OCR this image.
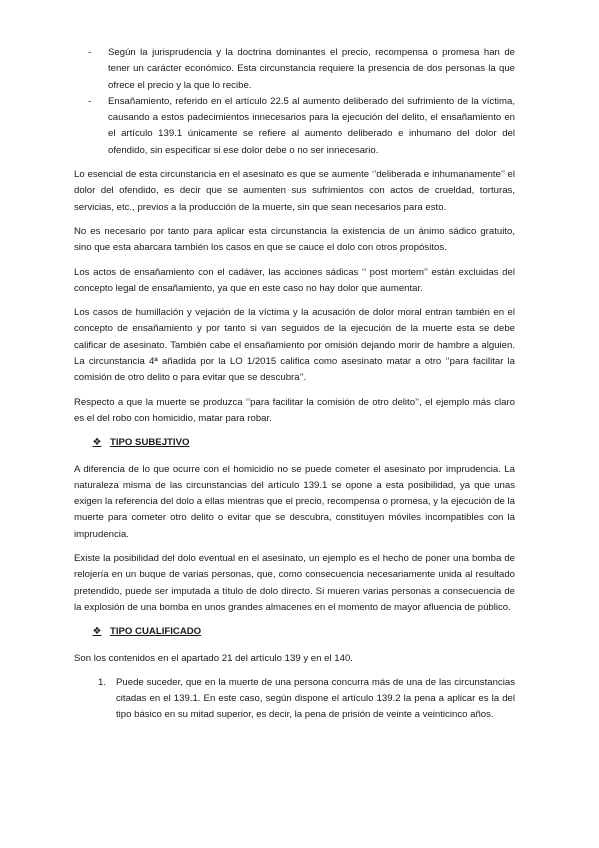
- Según la jurisprudencia y la doctrina dominantes el precio, recompensa o promesa han de tener un carácter económico. Esta circunstancia requiere la presencia de dos personas la que ofrece el precio y la que lo recibe.
- Ensañamiento, referido en el artículo 22.5 al aumento deliberado del sufrimiento de la víctima, causando a estos padecimientos innecesarios para la ejecución del delito, el ensañamiento en el artículo 139.1 únicamente se refiere al aumento deliberado e inhumano del dolor del ofendido, sin especificar si ese dolor debe o no ser innecesario.

Lo esencial de esta circunstancia en el asesinato es que se aumente ‘’deliberada e inhumanamente’’ el dolor del ofendido, es decir que se aumenten sus sufrimientos con actos de crueldad, torturas, servicias, etc., previos a la producción de la muerte, sin que sean necesarios para esto.

No es necesario por tanto para aplicar esta circunstancia la existencia de un ánimo sádico gratuito, sino que esta abarcara también los casos en que se cauce el dolo con otros propósitos.

Los actos de ensañamiento con el cadáver, las acciones sádicas ‘’ post mortem’’ están excluidas del concepto legal de ensañamiento, ya que en este caso no hay dolor que aumentar.

Los casos de humillación y vejación de la víctima y la acusación de dolor moral entran también en el concepto de ensañamiento y por tanto si van seguidos de la ejecución de la muerte esta se debe calificar de asesinato. También cabe el ensañamiento por omisión dejando morir de hambre a alguien. La circunstancia 4ª añadida por la LO 1/2015 califica como asesinato matar a otro ‘’para facilitar la comisión de otro delito o para evitar que se descubra’’.

Respecto a que la muerte se produzca ‘’para facilitar la comisión de otro delito’’, el ejemplo más claro es el del robo con homicidio, matar para robar.

❖ TIPO SUBEJTIVO

A diferencia de lo que ocurre con el homicidio no se puede cometer el asesinato por imprudencia. La naturaleza misma de las circunstancias del artículo 139.1 se opone a esta posibilidad, ya que unas exigen la referencia del dolo a ellas mientras que el precio, recompensa o promesa, y la ejecución de la muerte para cometer otro delito o evitar que se descubra, constituyen móviles incompatibles con la imprudencia.

Existe la posibilidad del dolo eventual en el asesinato, un ejemplo es el hecho de poner una bomba de relojería en un buque de varias personas, que, como consecuencia necesariamente unida al resultado pretendido, puede ser imputada a título de dolo directo. Si mueren varias personas a consecuencia de la explosión de una bomba en unos grandes almacenes en el momento de mayor afluencia de público.

❖ TIPO CUALIFICADO

Son los contenidos en el apartado 21 del artículo 139 y en el 140.

1. Puede suceder, que en la muerte de una persona concurra más de una de las circunstancias citadas en el 139.1. En este caso, según dispone el artículo 139.2 la pena a aplicar es la del tipo básico en su mitad superior, es decir, la pena de prisión de veinte a veinticinco años.
